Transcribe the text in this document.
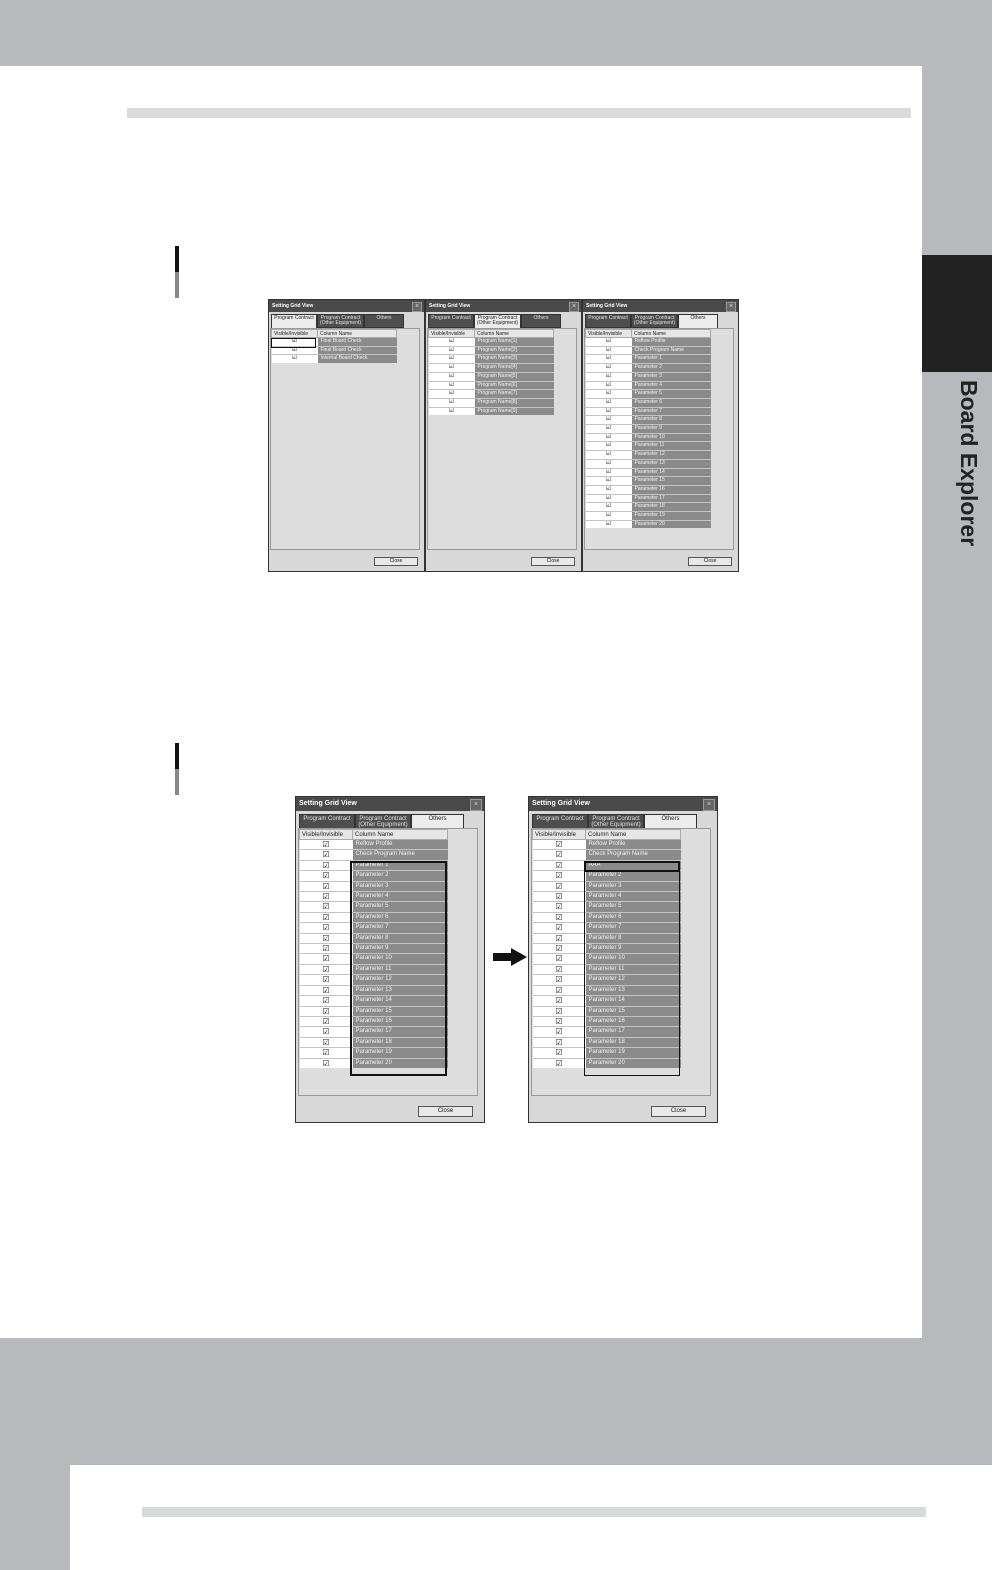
Board Explorer
Setting Grid View	×
Program Contract	Program Contract (Other Equipment)
Others
Visible/Invisible	Column Name
☑	Final Board Check
☑	Final Board Check
☑	Internal Board Check
Close
Setting Grid View	×
Program Contract	Program Contract (Other Equipment)
Others
Visible/Invisible	Column Name
☑	Program Name[1]
☑	Program Name[2]
☑	Program Name[3]
☑	Program Name[4]
☑	Program Name[5]
☑	Program Name[6]
☑	Program Name[7]
☑	Program Name[8]
☑	Program Name[9]
Close
Setting Grid View	×
Program Contract	Program Contract (Other Equipment)
Others
Visible/Invisible	Column Name
☑	Reflow Profile
☑	Check Program Name
☑	Parameter 1
☑	Parameter 2
☑	Parameter 3
☑	Parameter 4
☑	Parameter 5
☑	Parameter 6
☑	Parameter 7
☑	Parameter 8
☑	Parameter 9
☑	Parameter 10
☑	Parameter 11
☑	Parameter 12
☑	Parameter 13
☑	Parameter 14
☑	Parameter 15
☑	Parameter 16
☑	Parameter 17
☑	Parameter 18
☑	Parameter 19
☑	Parameter 20
Close
Setting Grid View	×
Program Contract	Program Contract (Other Equipment)
Others
Visible/Invisible	Column Name
☑	Reflow Profile
☑	Check Program Name
☑	Parameter 1
☑	Parameter 2
☑	Parameter 3
☑	Parameter 4
☑	Parameter 5
☑	Parameter 6
☑	Parameter 7
☑	Parameter 8
☑	Parameter 9
☑	Parameter 10
☑	Parameter 11
☑	Parameter 12
☑	Parameter 13
☑	Parameter 14
☑	Parameter 15
☑	Parameter 16
☑	Parameter 17
☑	Parameter 18
☑	Parameter 19
☑	Parameter 20
Close
Setting Grid View	×
Program Contract	Program Contract (Other Equipment)
Others
Visible/Invisible	Column Name
☑	Reflow Profile
☑	Check Program Name
☑	AAA
☑	Parameter 2
☑	Parameter 3
☑	Parameter 4
☑	Parameter 5
☑	Parameter 6
☑	Parameter 7
☑	Parameter 8
☑	Parameter 9
☑	Parameter 10
☑	Parameter 11
☑	Parameter 12
☑	Parameter 13
☑	Parameter 14
☑	Parameter 15
☑	Parameter 16
☑	Parameter 17
☑	Parameter 18
☑	Parameter 19
☑	Parameter 20
Close
